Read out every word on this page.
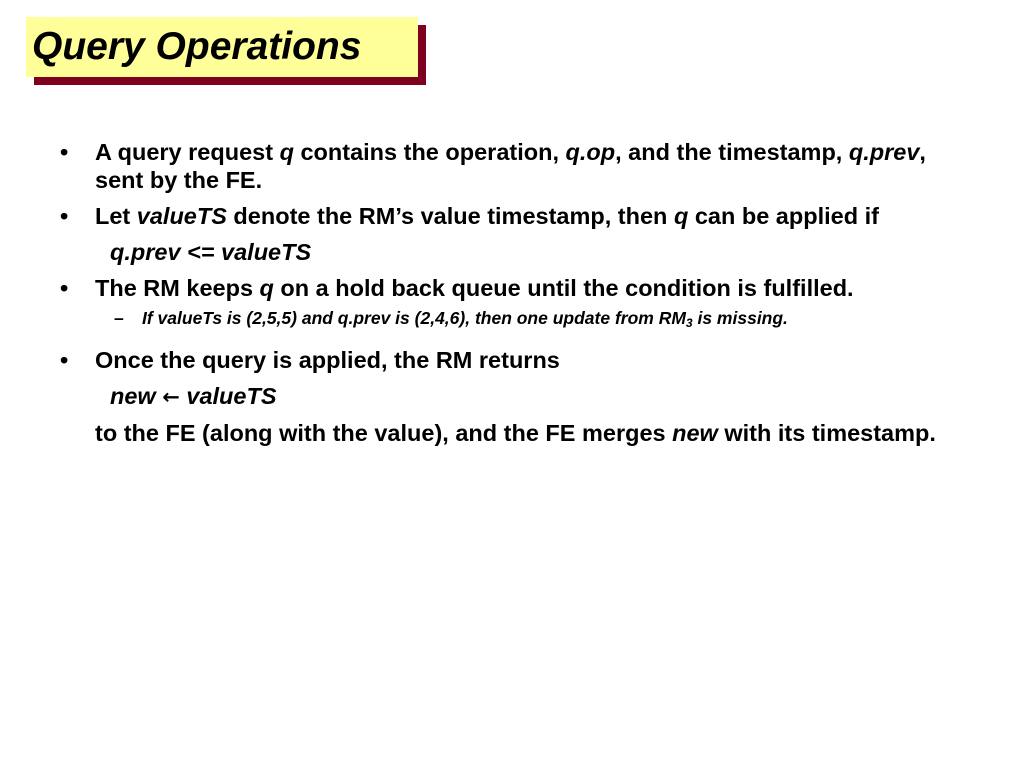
Query Operations
• A query request q contains the operation, q.op, and the timestamp, q.prev, sent by the FE.
• Let valueTS denote the RM’s value timestamp, then q can be applied if
q.prev <= valueTS
• The RM keeps q on a hold back queue until the condition is fulfilled.
– If valueTs is (2,5,5) and q.prev is (2,4,6), then one update from $RM_3$ is missing.
• Once the query is applied, the RM returns
new ← valueTS
to the FE (along with the value), and the FE merges new with its timestamp.
